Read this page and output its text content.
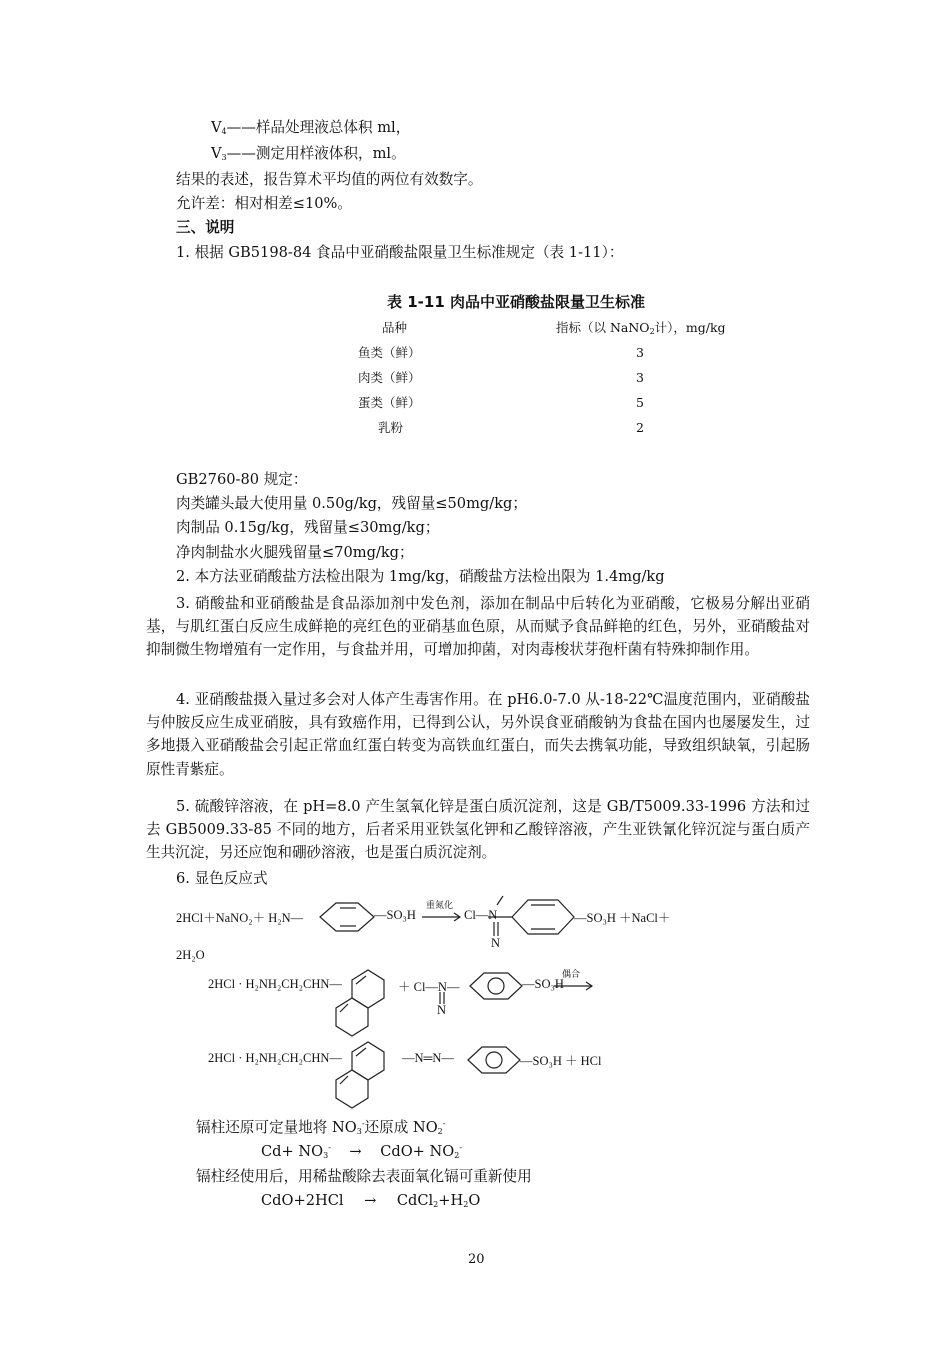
$V_4——$样品处理液总体积 ml，
$V_3——$测定用样液体积，ml。
结果的表述，报告算术平均值的两位有效数字。
允许差：相对相差≤10%。
三、说明
1. 根据 GB5198-84 食品中亚硝酸盐限量卫生标准规定（表 1-11）：
表 1-11 肉品中亚硝酸盐限量卫生标准
品种	指标（以 NaNO$_2$计），mg/kg
鱼类（鲜）	3
肉类（鲜）	3
蛋类（鲜）	5
乳粉	2
GB2760-80 规定：
肉类罐头最大使用量 0.50g/kg，残留量≤50mg/kg；
肉制品 0.15g/kg，残留量≤30mg/kg；
净肉制盐水火腿残留量≤70mg/kg；
2. 本方法亚硝酸盐方法检出限为 1mg/kg，硝酸盐方法检出限为 1.4mg/kg
3. 硝酸盐和亚硝酸盐是食品添加剂中发色剂，添加在制品中后转化为亚硝酸，它极易分解出亚硝基，与肌红蛋白反应生成鲜艳的亮红色的亚硝基血色原，从而赋予食品鲜艳的红色，另外，亚硝酸盐对抑制微生物增殖有一定作用，与食盐并用，可增加抑菌，对肉毒梭状芽孢杆菌有特殊抑制作用。
4. 亚硝酸盐摄入量过多会对人体产生毒害作用。在 pH6.0-7.0 从-18-22℃温度范围内，亚硝酸盐与仲胺反应生成亚硝胺，具有致癌作用，已得到公认，另外误食亚硝酸钠为食盐在国内也屡屡发生，过多地摄入亚硝酸盐会引起正常血红蛋白转变为高铁血红蛋白，而失去携氧功能，导致组织缺氧，引起肠原性青紫症。
5. 硫酸锌溶液，在 pH=8.0 产生氢氧化锌是蛋白质沉淀剂，这是 GB/T5009.33-1996 方法和过去 GB5009.33-85 不同的地方，后者采用亚铁氢化钾和乙酸锌溶液，产生亚铁氰化锌沉淀与蛋白质产生共沉淀，另还应饱和硼砂溶液，也是蛋白质沉淀剂。
6. 显色反应式
2HCl＋NaNO₂＋ H₂N—	—SO₃H
重氮化
Cl—N	—SO₃H ＋NaCl＋
N
2H₂O
2HCl · H₂NH₂CH₂CHN—	＋ Cl—N—	—SO₃H
偶合
N
2HCl · H₂NH₂CH₂CHN—	—N═N—	—SO₃H ＋ HCl
镉柱还原可定量地将 $NO_3^-$还原成 $NO_2^-$
$Cd+ NO_3^- \to CdO+ NO_2^-$
镉柱经使用后，用稀盐酸除去表面氧化镉可重新使用
$CdO+2HCl \to CdCl_2+H_2O$
20
